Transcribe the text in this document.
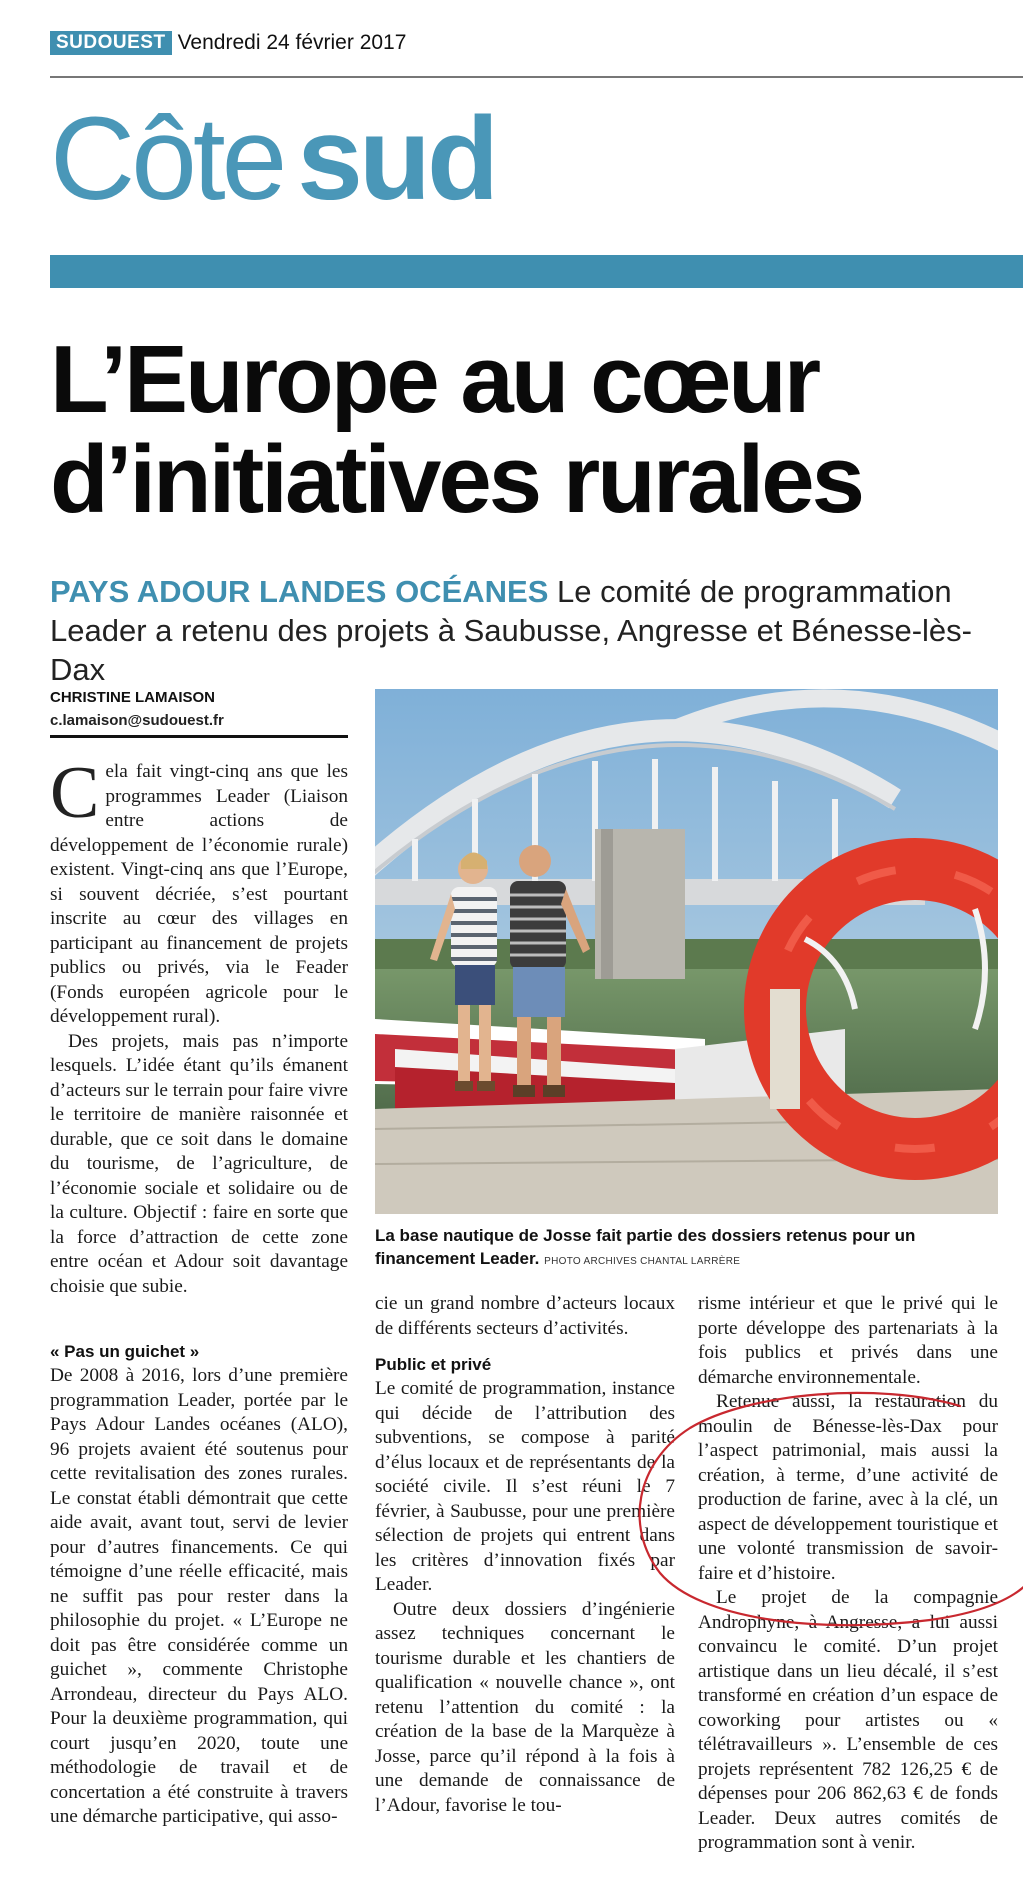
SUDOUEST Vendredi 24 février 2017
Côte sud
L’Europe au cœur
d’initiatives rurales
PAYS ADOUR LANDES OCÉANES Le comité de programmation Leader a retenu des projets à Saubusse, Angresse et Bénesse-lès-Dax
CHRISTINE LAMAISON
c.lamaison@sudouest.fr
La base nautique de Josse fait partie des dossiers retenus pour un financement Leader. PHOTO ARCHIVES CHANTAL LARRÈRE

Cela fait vingt-cinq ans que les programmes Leader (Liaison entre actions de développement de l’économie rurale) existent. Vingt-cinq ans que l’Europe, si souvent décriée, s’est pourtant inscrite au cœur des villages en participant au financement de projets publics ou privés, via le Feader (Fonds européen agricole pour le développement rural).

Des projets, mais pas n’importe lesquels. L’idée étant qu’ils émanent d’acteurs sur le terrain pour faire vivre le territoire de manière raisonnée et durable, que ce soit dans le domaine du tourisme, de l’agriculture, de l’économie sociale et solidaire ou de la culture. Objectif : faire en sorte que la force d’attraction de cette zone entre océan et Adour soit davantage choisie que subie.

« Pas un guichet »

De 2008 à 2016, lors d’une première programmation Leader, portée par le Pays Adour Landes océanes (ALO), 96 projets avaient été soutenus pour cette revitalisation des zones rurales. Le constat établi démontrait que cette aide avait, avant tout, servi de levier pour d’autres financements. Ce qui témoigne d’une réelle efficacité, mais ne suffit pas pour rester dans la philosophie du projet. « L’Europe ne doit pas être considérée comme un guichet », commente Christophe Arrondeau, directeur du Pays ALO. Pour la deuxième programmation, qui court jusqu’en 2020, toute une méthodologie de travail et de concertation a été construite à travers une démarche participative, qui asso-

cie un grand nombre d’acteurs locaux de différents secteurs d’activités.

Public et privé

Le comité de programmation, instance qui décide de l’attribution des subventions, se compose à parité d’élus locaux et de représentants de la société civile. Il s’est réuni le 7 février, à Saubusse, pour une première sélection de projets qui entrent dans les critères d’innovation fixés par Leader.

Outre deux dossiers d’ingénierie assez techniques concernant le tourisme durable et les chantiers de qualification « nouvelle chance », ont retenu l’attention du comité : la création de la base de la Marquèze à Josse, parce qu’il répond à la fois à une demande de connaissance de l’Adour, favorise le tou-

risme intérieur et que le privé qui le porte développe des partenariats à la fois publics et privés dans une démarche environnementale.

Retenue aussi, la restauration du moulin de Bénesse-lès-Dax pour l’aspect patrimonial, mais aussi la création, à terme, d’une activité de production de farine, avec à la clé, un aspect de développement touristique et une volonté transmission de savoir-faire et d’histoire.

Le projet de la compagnie Androphyne, à Angresse, a lui aussi convaincu le comité. D’un projet artistique dans un lieu décalé, il s’est transformé en création d’un espace de coworking pour artistes ou « télétravailleurs ». L’ensemble de ces projets représentent 782 126,25 € de dépenses pour 206 862,63 € de fonds Leader. Deux autres comités de programmation sont à venir.
